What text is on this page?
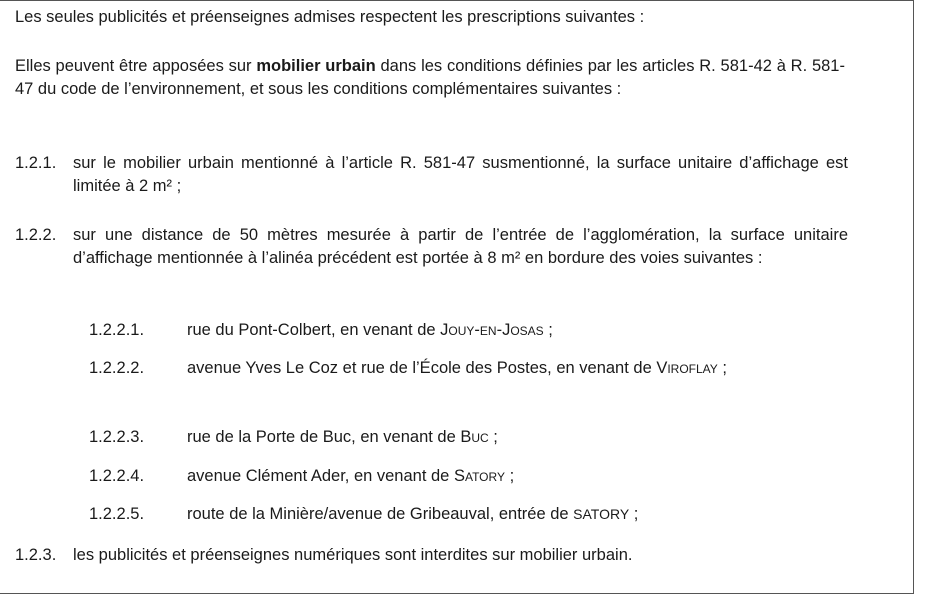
Les seules publicités et préenseignes admises respectent les prescriptions suivantes :
Elles peuvent être apposées sur mobilier urbain dans les conditions définies par les articles R. 581-42 à R. 581-47 du code de l’environnement, et sous les conditions complémentaires suivantes :
1.2.1. sur le mobilier urbain mentionné à l’article R. 581-47 susmentionné, la surface unitaire d’affichage est limitée à 2 m² ;
1.2.2. sur une distance de 50 mètres mesurée à partir de l’entrée de l’agglomération, la surface unitaire d’affichage mentionnée à l’alinéa précédent est portée à 8 m² en bordure des voies suivantes :
1.2.2.1.	rue du Pont-Colbert, en venant de Jouy-en-Josas ;
1.2.2.2.	avenue Yves Le Coz et rue de l’École des Postes, en venant de Viroflay ;
1.2.2.3.	rue de la Porte de Buc, en venant de Buc ;
1.2.2.4.	avenue Clément Ader, en venant de Satory ;
1.2.2.5.	route de la Minière/avenue de Gribeauval, entrée de SATORY ;
1.2.3. les publicités et préenseignes numériques sont interdites sur mobilier urbain.
